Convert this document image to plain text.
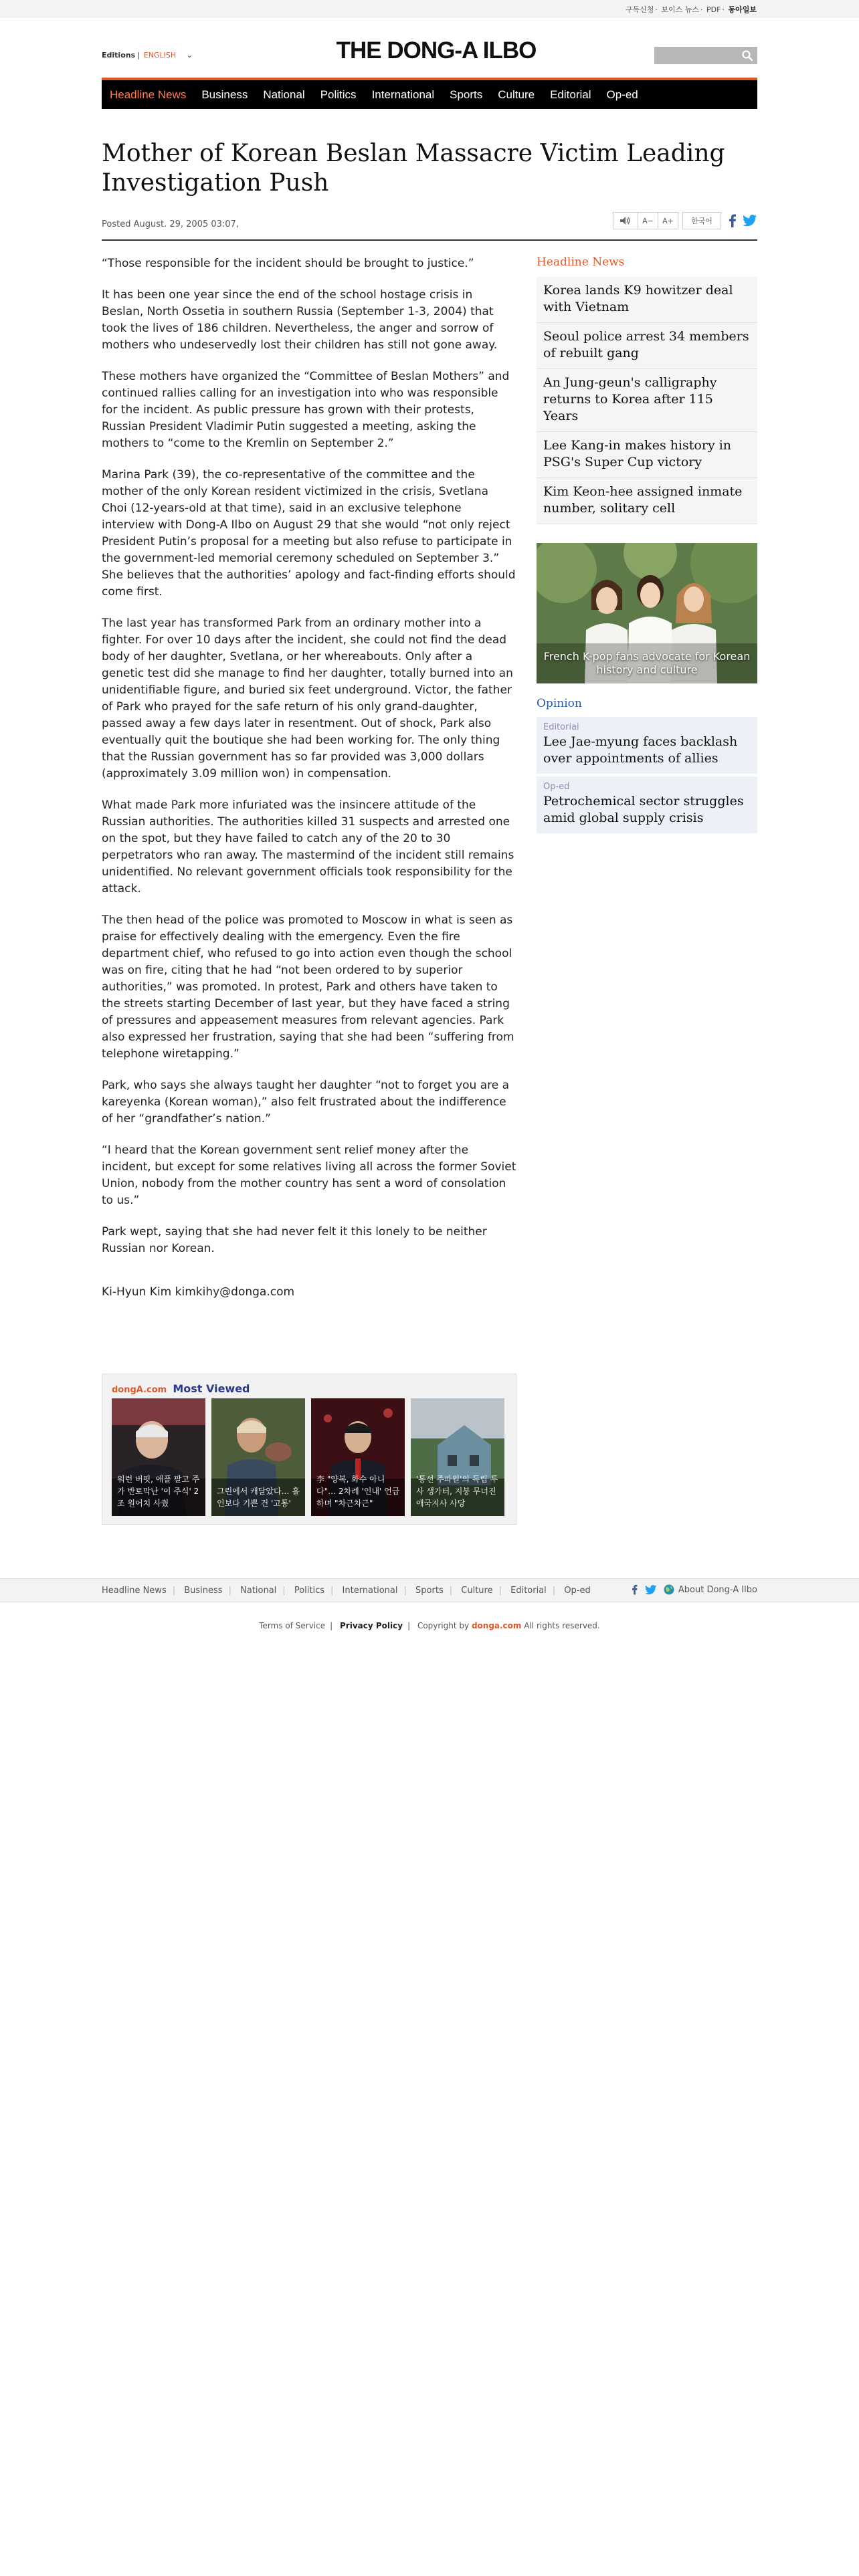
구독신청 · 보이스 뉴스 · PDF · 동아일보
Editions | ENGLISH ⌄	THE DONG-A ILBO
Headline News Business National Politics International Sports Culture Editorial Op-ed
Mother of Korean Beslan Massacre Victim Leading Investigation Push
Posted August. 29, 2005 03:07,	A−	A+	한국어

“Those responsible for the incident should be brought to justice.”

It has been one year since the end of the school hostage crisis in Beslan, North Ossetia in southern Russia (September 1-3, 2004) that took the lives of 186 children. Nevertheless, the anger and sorrow of mothers who undeservedly lost their children has still not gone away.

These mothers have organized the “Committee of Beslan Mothers” and continued rallies calling for an investigation into who was responsible for the incident. As public pressure has grown with their protests, Russian President Vladimir Putin suggested a meeting, asking the mothers to “come to the Kremlin on September 2.”

Marina Park (39), the co-representative of the committee and the mother of the only Korean resident victimized in the crisis, Svetlana Choi (12-years-old at that time), said in an exclusive telephone interview with Dong-A Ilbo on August 29 that she would “not only reject President Putin’s proposal for a meeting but also refuse to participate in the government-led memorial ceremony scheduled on September 3.” She believes that the authorities’ apology and fact-finding efforts should come first.

The last year has transformed Park from an ordinary mother into a fighter. For over 10 days after the incident, she could not find the dead body of her daughter, Svetlana, or her whereabouts. Only after a genetic test did she manage to find her daughter, totally burned into an unidentifiable figure, and buried six feet underground. Victor, the father of Park who prayed for the safe return of his only grand-daughter, passed away a few days later in resentment. Out of shock, Park also eventually quit the boutique she had been working for. The only thing that the Russian government has so far provided was 3,000 dollars (approximately 3.09 million won) in compensation.

What made Park more infuriated was the insincere attitude of the Russian authorities. The authorities killed 31 suspects and arrested one on the spot, but they have failed to catch any of the 20 to 30 perpetrators who ran away. The mastermind of the incident still remains unidentified. No relevant government officials took responsibility for the attack.

The then head of the police was promoted to Moscow in what is seen as praise for effectively dealing with the emergency. Even the fire department chief, who refused to go into action even though the school was on fire, citing that he had “not been ordered to by superior authorities,” was promoted. In protest, Park and others have taken to the streets starting December of last year, but they have faced a string of pressures and appeasement measures from relevant agencies. Park also expressed her frustration, saying that she had been “suffering from telephone wiretapping.”

Park, who says she always taught her daughter “not to forget you are a kareyenka (Korean woman),” also felt frustrated about the indifference of her “grandfather’s nation.”

“I heard that the Korean government sent relief money after the incident, but except for some relatives living all across the former Soviet Union, nobody from the mother country has sent a word of consolation to us.”

Park wept, saying that she had never felt it this lonely to be neither Russian nor Korean.

Ki-Hyun Kim kimkihy@donga.com

Headline News
Korea lands K9 howitzer deal with Vietnam
Seoul police arrest 34 members of rebuilt gang
An Jung-geun's calligraphy returns to Korea after 115 Years
Lee Kang-in makes history in PSG's Super Cup victory
Kim Keon-hee assigned inmate number, solitary cell
French K-pop fans advocate for Korean history and culture
Opinion
Editorial
Lee Jae-myung faces backlash over appointments of allies
Op-ed
Petrochemical sector struggles amid global supply crisis
dongA.com Most Viewed
워런 버핏, 애플 팔고 주가 반토막난 '이 주식' 2조 원어치 사줬
그린에서 캐달았다… 홀인보다 기쁜 건 '고통'
李 "양복, 화수 아니다"… 2차례 '인내' 언급하며 "차근차근"
'통선 주파원'의 독립 투사 생가터, 지붕 무너진 애국지사 사당
Headline News | Business | National | Politics | International | Sports | Culture | Editorial | Op-ed	About Dong-A Ilbo
Terms of Service | Privacy Policy | Copyright by donga.com All rights reserved.
